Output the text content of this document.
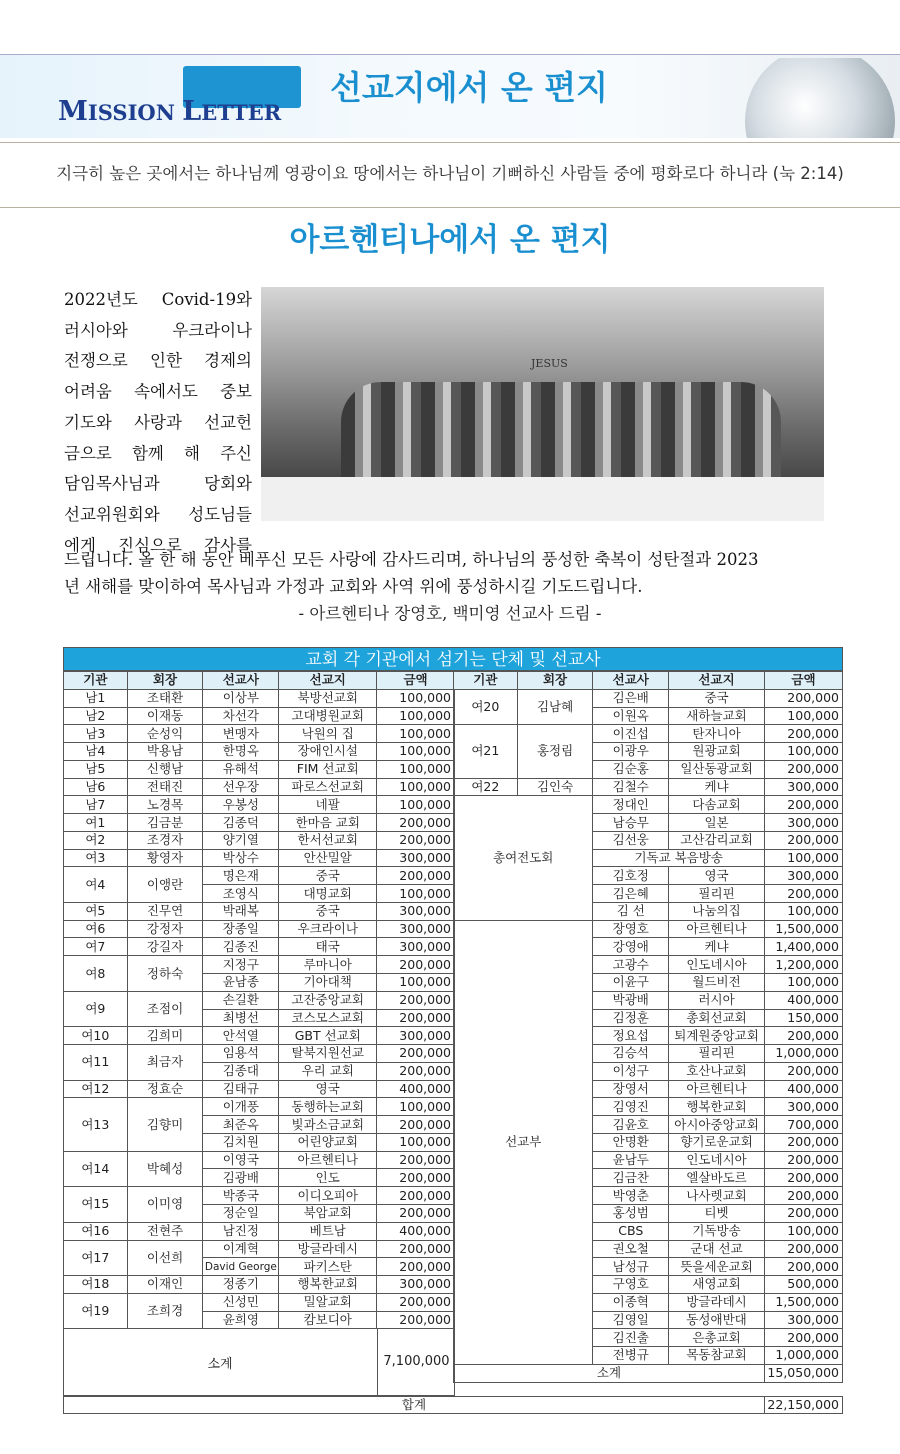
MISSION LETTER
선교지에서 온 편지
지극히 높은 곳에서는 하나님께 영광이요 땅에서는 하나님이 기뻐하신 사람들 중에 평화로다 하니라 (눅 2:14)
아르헨티나에서 온 편지
2022년도 Covid-19와
러시아와 우크라이나
전쟁으로 인한 경제의
어려움 속에서도 중보
기도와 사랑과 선교헌
금으로 함께 해 주신
담임목사님과 당회와
선교위원회와 성도님들
에게 진심으로 감사를
JESUS
드립니다. 올 한 해 동안 베푸신 모든 사랑에 감사드리며, 하나님의 풍성한 축복이 성탄절과 2023
년 새해를 맞이하여 목사님과 가정과 교회와 사역 위에 풍성하시길 기도드립니다.
- 아르헨티나 장영호, 백미영 선교사 드림 -
교회 각 기관에서 섬기는 단체 및 선교사
기관	회장	선교사	선교지	금액
남1	조태환	이상부	북방선교회	100,000
남2	이재동	차선각	고대병원교회	100,000
남3	순성익	변맹자	낙원의 집	100,000
남4	박용남	한명옥	장애인시설	100,000
남5	신행남	유해석	FIM 선교회	100,000
남6	전태진	선우장	파로스선교회	100,000
남7	노경목	우봉성	네팔	100,000
여1	김금분	김종덕	한마음 교회	200,000
여2	조경자	양기열	한서선교회	200,000
여3	황영자	박상수	안산밀알	300,000
여4	이앵란	명은재	중국	200,000
		조영식	대명교회	100,000
여5	진무연	박래복	중국	300,000
여6	강정자	장종일	우크라이나	300,000
여7	강길자	김종진	태국	300,000
여8	정하숙	지정구	루마니아	200,000
		윤남종	기아대책	100,000
여9	조점이	손길환	고잔중앙교회	200,000
		최병선	코스모스교회	200,000
여10	김희미	안석열	GBT 선교회	300,000
여11	최금자	임용석	탈북지원선교	200,000
		김종대	우리 교회	200,000
여12	정효순	김태규	영국	400,000
여13	김향미	이개풍	동행하는교회	100,000
		최준옥	빛과소금교회	200,000
		김치원	어린양교회	100,000
여14	박혜성	이영국	아르헨티나	200,000
		김광배	인도	200,000
여15	이미영	박종국	이디오피아	200,000
		정순일	북암교회	200,000
여16	전현주	남진정	베트남	400,000
여17	이선희	이계혁	방글라데시	200,000
		David George	파키스탄	200,000
여18	이재인	정종기	행복한교회	300,000
여19	조희경	신성민	밀알교회	200,000
		윤희영	캄보디아	200,000
기관	회장	선교사	선교지	금액
여20	김남혜	김은배	중국	200,000
		이원옥	새하늘교회	100,000
여21	홍정림	이진섭	탄자니아	200,000
		이광우	원광교회	100,000
		김순홍	일산동광교회	200,000
여22	김인숙	김철수	케냐	300,000
총여전도회		정대인	다솜교회	200,000
		남승무	일본	300,000
		김선웅	고산감리교회	200,000
		기독교 복음방송		100,000
		김호정	영국	300,000
		김은혜	필리핀	200,000
		김 선	나눔의집	100,000
선교부		장영호	아르헨티나	1,500,000
		강영애	케냐	1,400,000
		고광수	인도네시아	1,200,000
		이윤구	월드비전	100,000
		박광배	러시아	400,000
		김정훈	총회선교회	150,000
		정요섭	퇴계원중앙교회	200,000
		김승석	필리핀	1,000,000
		이성구	호산나교회	200,000
		장영서	아르헨티나	400,000
		김영진	행복한교회	300,000
		김윤호	아시아중앙교회	700,000
		안명환	향기로운교회	200,000
		윤남두	인도네시아	200,000
		김금찬	엘살바도르	200,000
		박영춘	나사렛교회	200,000
		홍성범	티벳	200,000
		CBS	기독방송	100,000
		권오철	군대 선교	200,000
		남성규	뜻을세운교회	200,000
		구영호	새영교회	500,000
		이종혁	방글라데시	1,500,000
		김영일	동성애반대	300,000
		김진출	은총교회	200,000
		전병규	목동참교회	1,000,000
소계				15,050,000
소계	7,100,000
합계	22,150,000
